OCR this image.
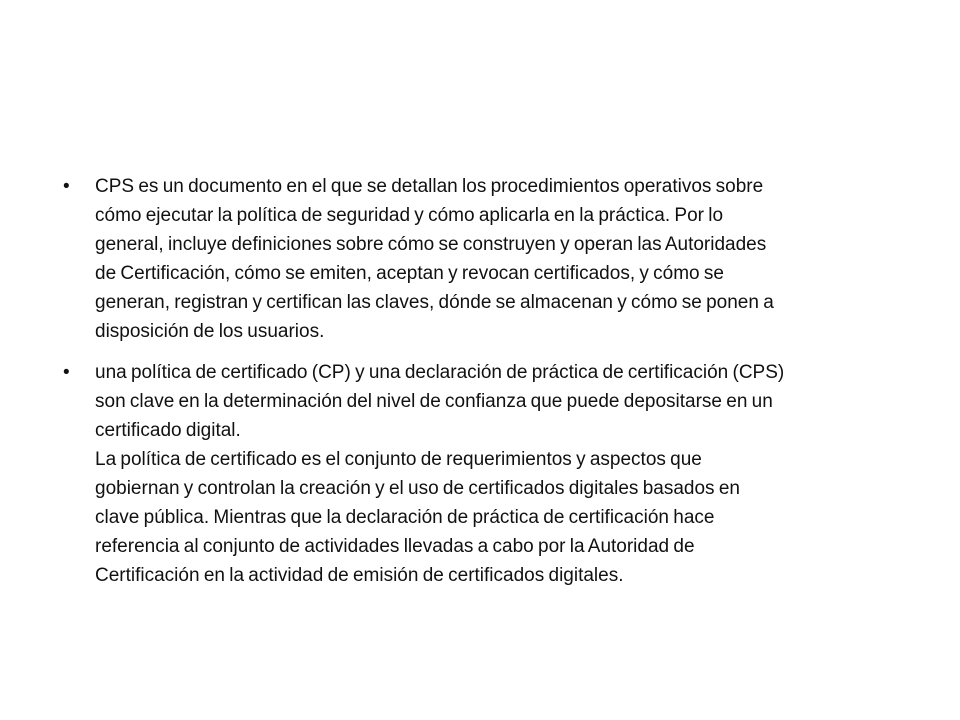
• CPS es un documento en el que se detallan los procedimientos operativos sobre
cómo ejecutar la política de seguridad y cómo aplicarla en la práctica. Por lo
general, incluye definiciones sobre cómo se construyen y operan las Autoridades
de Certificación, cómo se emiten, aceptan y revocan certificados, y cómo se
generan, registran y certifican las claves, dónde se almacenan y cómo se ponen a
disposición de los usuarios.
• una política de certificado (CP) y una declaración de práctica de certificación (CPS)
son clave en la determinación del nivel de confianza que puede depositarse en un
certificado digital.
La política de certificado es el conjunto de requerimientos y aspectos que
gobiernan y controlan la creación y el uso de certificados digitales basados en
clave pública. Mientras que la declaración de práctica de certificación hace
referencia al conjunto de actividades llevadas a cabo por la Autoridad de
Certificación en la actividad de emisión de certificados digitales.
